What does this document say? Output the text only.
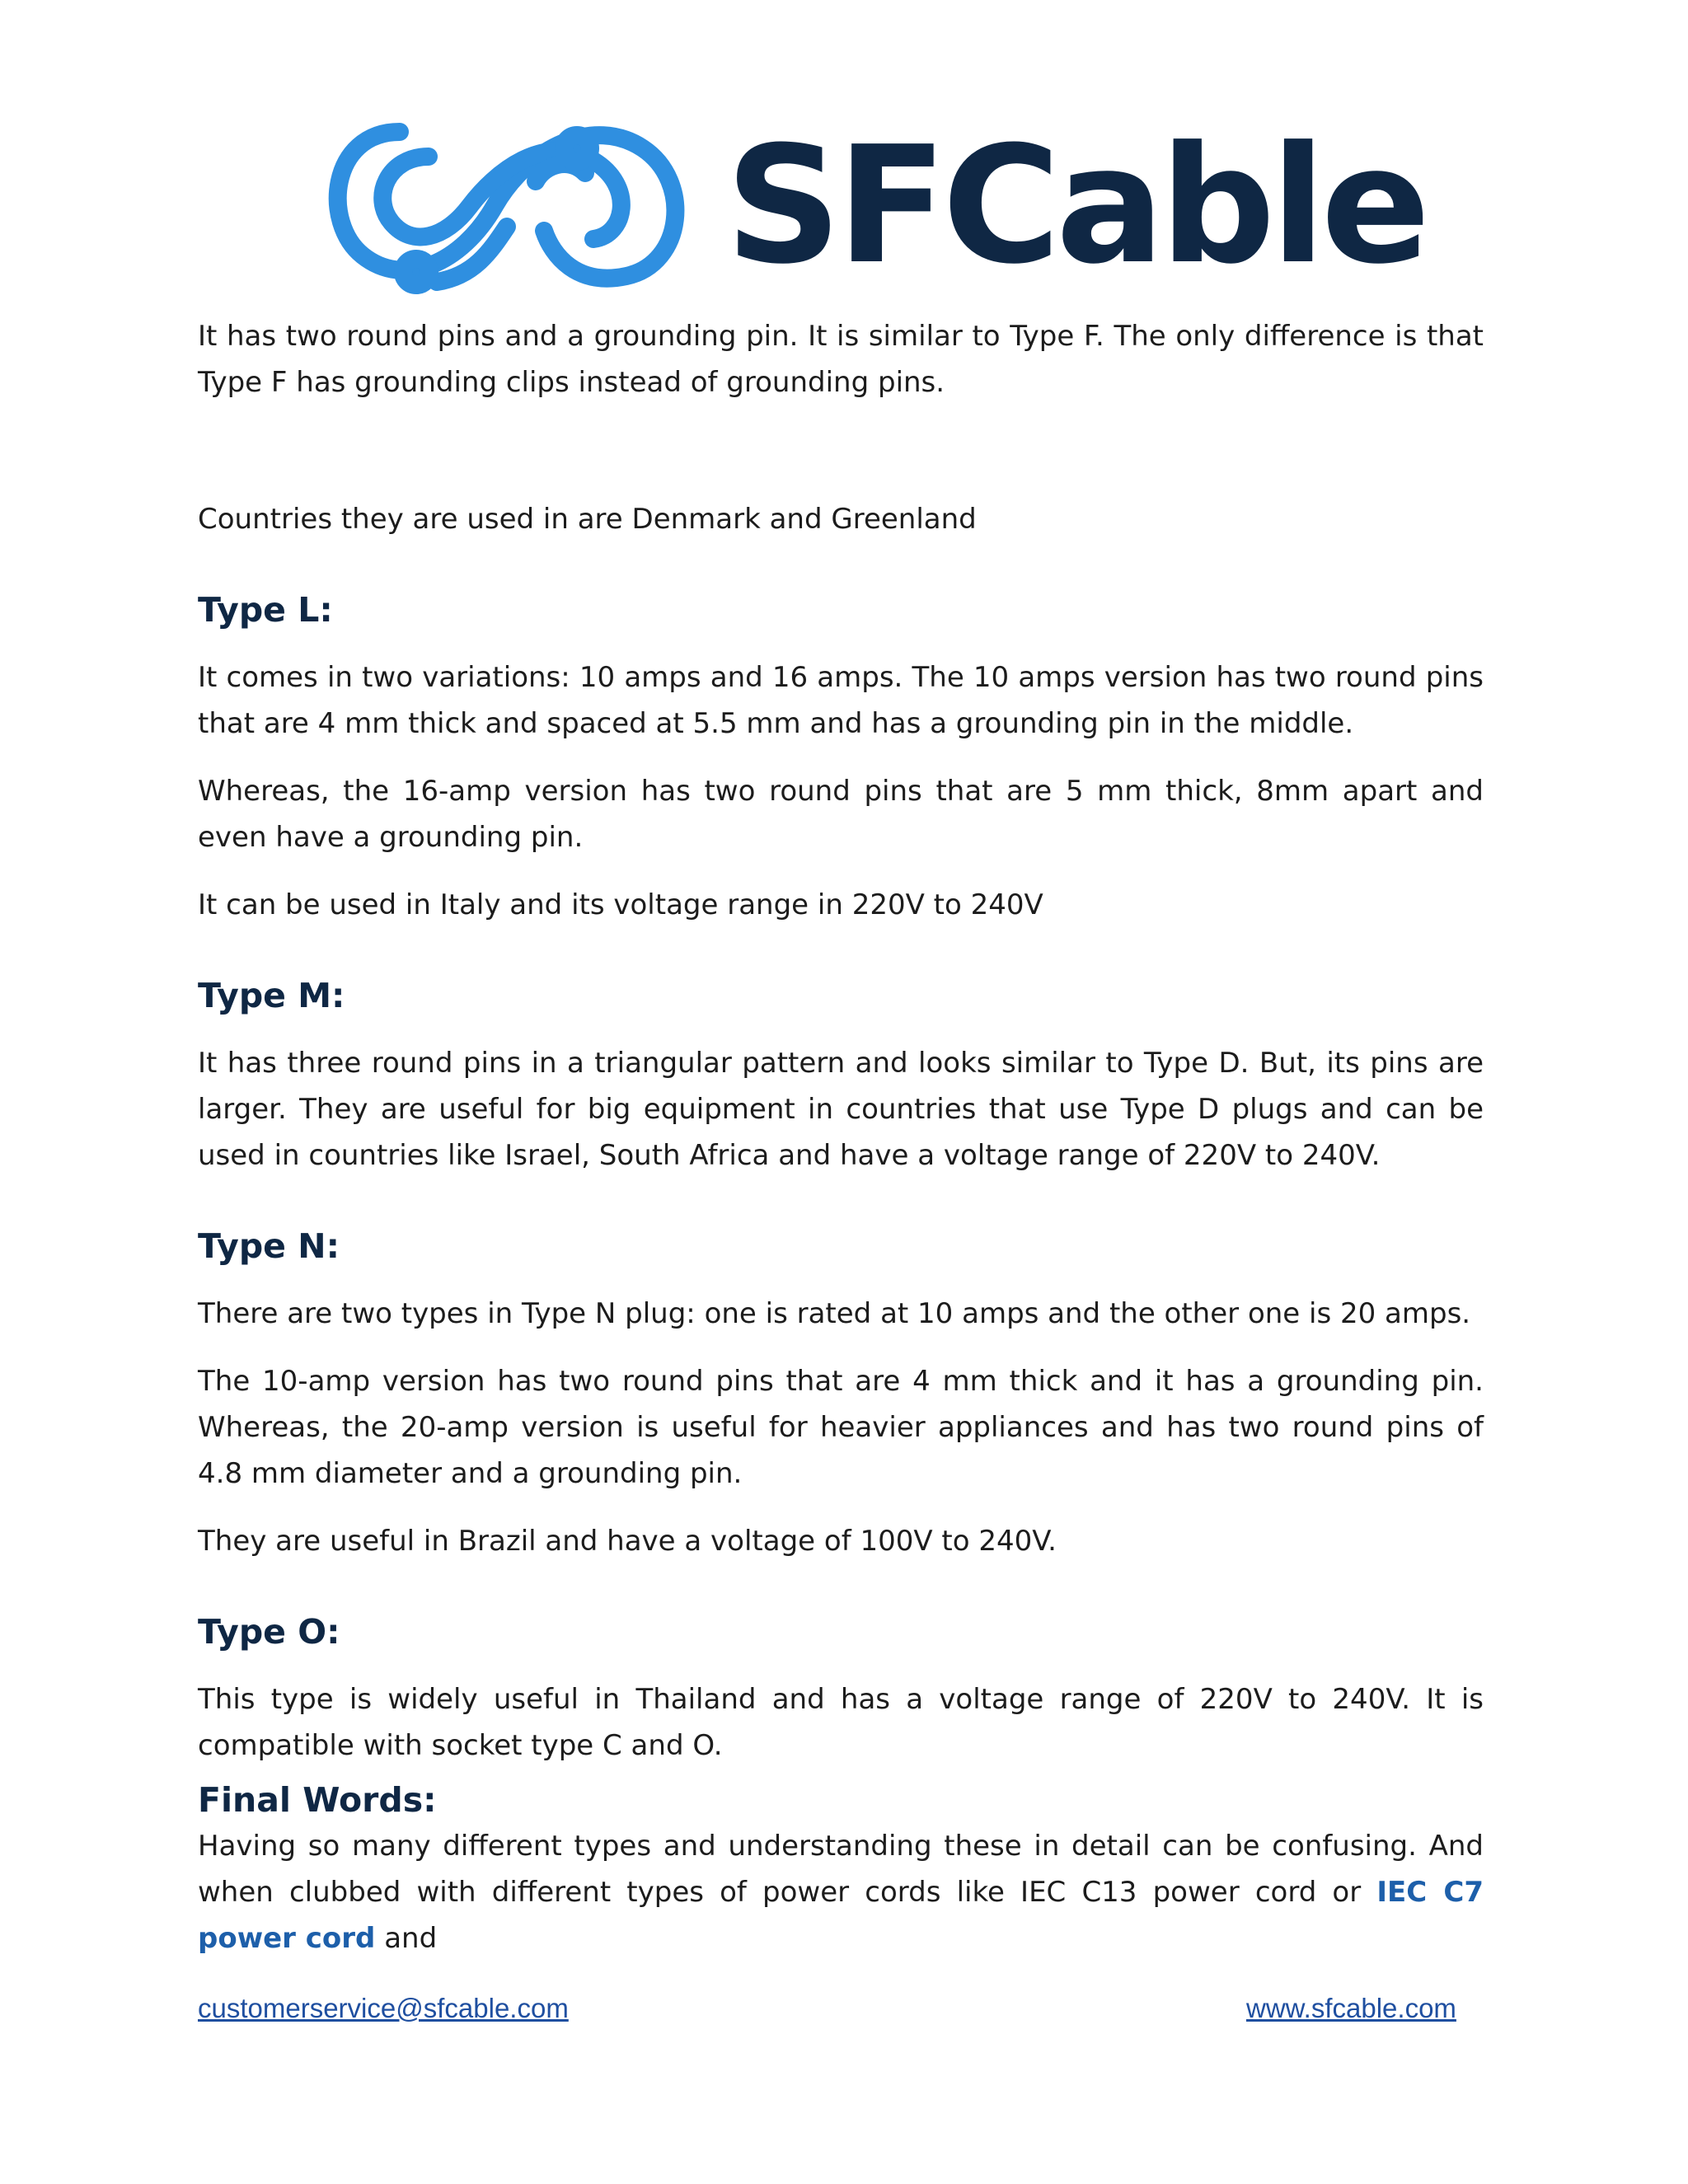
SFCable

It has two round pins and a grounding pin. It is similar to Type F. The only difference is that Type F has grounding clips instead of grounding pins.

Countries they are used in are Denmark and Greenland

Type L:

It comes in two variations: 10 amps and 16 amps. The 10 amps version has two round pins that are 4 mm thick and spaced at 5.5 mm and has a grounding pin in the middle.

Whereas, the 16-amp version has two round pins that are 5 mm thick, 8mm apart and even have a grounding pin.

It can be used in Italy and its voltage range in 220V to 240V

Type M:

It has three round pins in a triangular pattern and looks similar to Type D. But, its pins are larger. They are useful for big equipment in countries that use Type D plugs and can be used in countries like Israel, South Africa and have a voltage range of 220V to 240V.

Type N:

There are two types in Type N plug: one is rated at 10 amps and the other one is 20 amps.

The 10-amp version has two round pins that are 4 mm thick and it has a grounding pin. Whereas, the 20-amp version is useful for heavier appliances and has two round pins of 4.8 mm diameter and a grounding pin.

They are useful in Brazil and have a voltage of 100V to 240V.

Type O:

This type is widely useful in Thailand and has a voltage range of 220V to 240V. It is compatible with socket type C and O.

Final Words:

Having so many different types and understanding these in detail can be confusing. And when clubbed with different types of power cords like IEC C13 power cord or IEC C7 power cord and

customerservice@sfcable.com	www.sfcable.com
